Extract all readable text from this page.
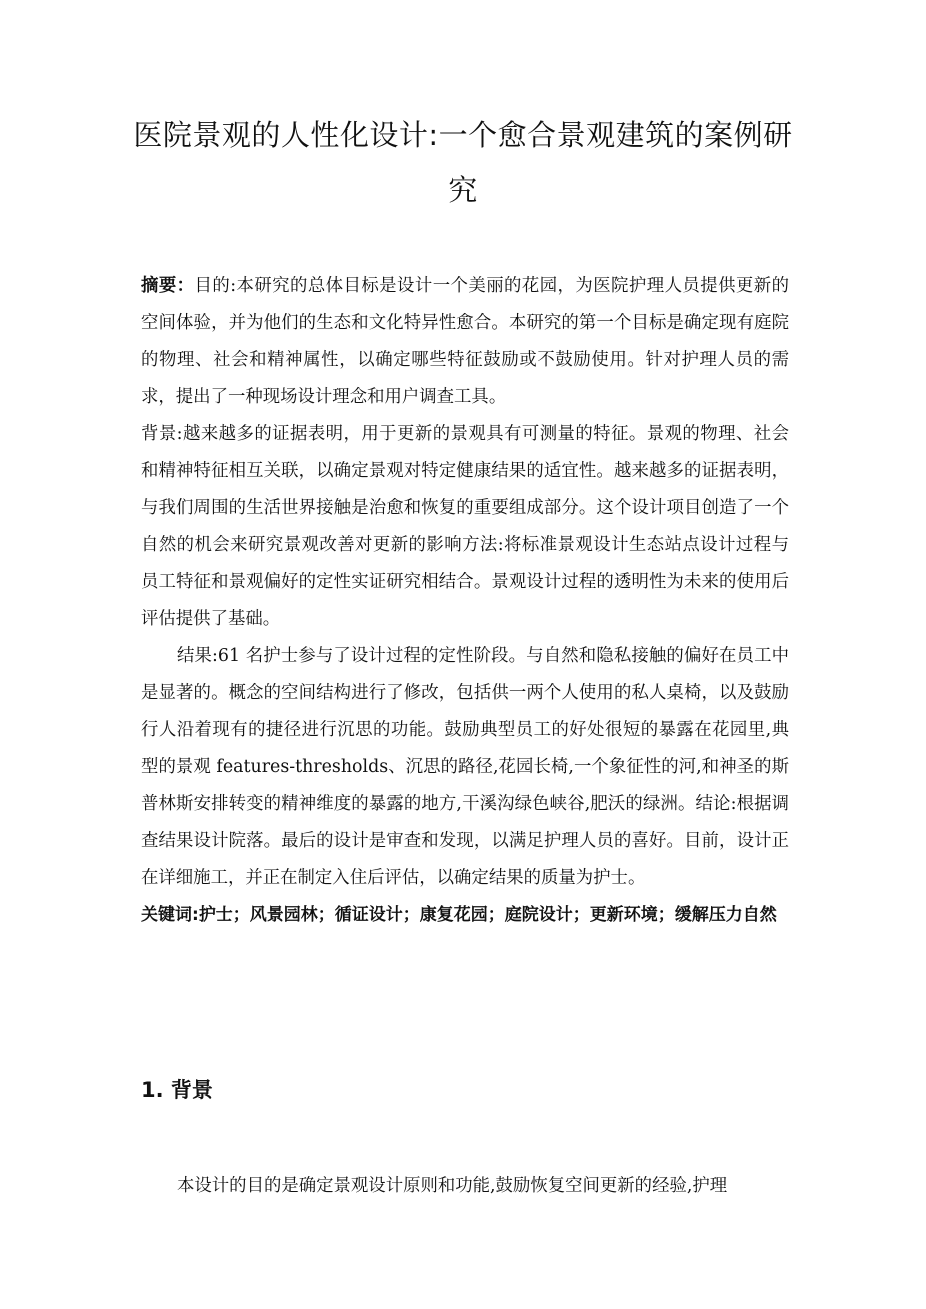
医院景观的人性化设计:一个愈合景观建筑的案例研究

摘要：目的:本研究的总体目标是设计一个美丽的花园，为医院护理人员提供更新的空间体验，并为他们的生态和文化特异性愈合。本研究的第一个目标是确定现有庭院的物理、社会和精神属性，以确定哪些特征鼓励或不鼓励使用。针对护理人员的需求，提出了一种现场设计理念和用户调查工具。

背景:越来越多的证据表明，用于更新的景观具有可测量的特征。景观的物理、社会和精神特征相互关联，以确定景观对特定健康结果的适宜性。越来越多的证据表明，与我们周围的生活世界接触是治愈和恢复的重要组成部分。这个设计项目创造了一个自然的机会来研究景观改善对更新的影响方法:将标准景观设计生态站点设计过程与员工特征和景观偏好的定性实证研究相结合。景观设计过程的透明性为未来的使用后评估提供了基础。

结果:61 名护士参与了设计过程的定性阶段。与自然和隐私接触的偏好在员工中是显著的。概念的空间结构进行了修改，包括供一两个人使用的私人桌椅，以及鼓励行人沿着现有的捷径进行沉思的功能。鼓励典型员工的好处很短的暴露在花园里,典型的景观 features-thresholds、沉思的路径,花园长椅,一个象征性的河,和神圣的斯普林斯安排转变的精神维度的暴露的地方,干溪沟绿色峡谷,肥沃的绿洲。结论:根据调查结果设计院落。最后的设计是审查和发现，以满足护理人员的喜好。目前，设计正在详细施工，并正在制定入住后评估，以确定结果的质量为护士。

关键词:护士；风景园林；循证设计；康复花园；庭院设计；更新环境；缓解压力自然

1. 背景

本设计的目的是确定景观设计原则和功能,鼓励恢复空间更新的经验,护理
